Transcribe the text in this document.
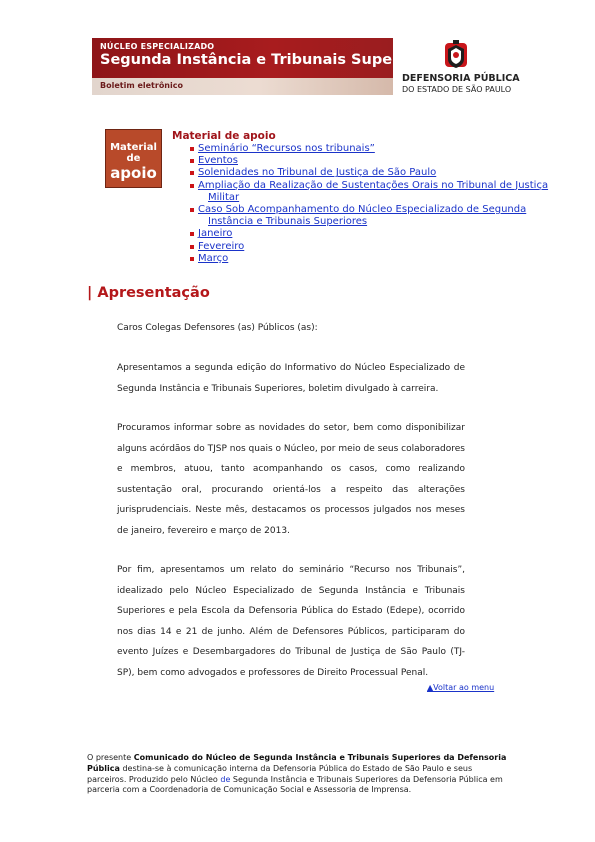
NÚCLEO ESPECIALIZADO
Segunda Instância e Tribunais Superiores
Boletim eletrônico
DEFENSORIA PÚBLICA
DO ESTADO DE SÃO PAULO
Material de
apoio
Material de apoio
Seminário “Recursos nos tribunais”
Eventos
Solenidades no Tribunal de Justiça de São Paulo
Ampliação da Realização de Sustentações Orais no Tribunal de Justiça
Militar
Caso Sob Acompanhamento do Núcleo Especializado de Segunda
Instância e Tribunais Superiores
Janeiro
Fevereiro
Março
| Apresentação

Caros Colegas Defensores (as) Públicos (as):

Apresentamos a segunda edição do Informativo do Núcleo Especializado de Segunda Instância e Tribunais Superiores, boletim divulgado à carreira.

Procuramos informar sobre as novidades do setor, bem como disponibilizar alguns acórdãos do TJSP nos quais o Núcleo, por meio de seus colaboradores e membros, atuou, tanto acompanhando os casos, como realizando sustentação oral, procurando orientá-los a respeito das alterações jurisprudenciais. Neste mês, destacamos os processos julgados nos meses de janeiro, fevereiro e março de 2013.

Por fim, apresentamos um relato do seminário “Recurso nos Tribunais”, idealizado pelo Núcleo Especializado de Segunda Instância e Tribunais Superiores e pela Escola da Defensoria Pública do Estado (Edepe), ocorrido nos dias 14 e 21 de junho. Além de Defensores Públicos, participaram do evento Juízes e Desembargadores do Tribunal de Justiça de São Paulo (TJ-SP), bem como advogados e professores de Direito Processual Penal.

▲Voltar ao menu
O presente Comunicado do Núcleo de Segunda Instância e Tribunais Superiores da Defensoria Pública destina-se à comunicação interna da Defensoria Pública do Estado de São Paulo e seus parceiros. Produzido pelo Núcleo de Segunda Instância e Tribunais Superiores da Defensoria Pública em parceria com a Coordenadoria de Comunicação Social e Assessoria de Imprensa.
